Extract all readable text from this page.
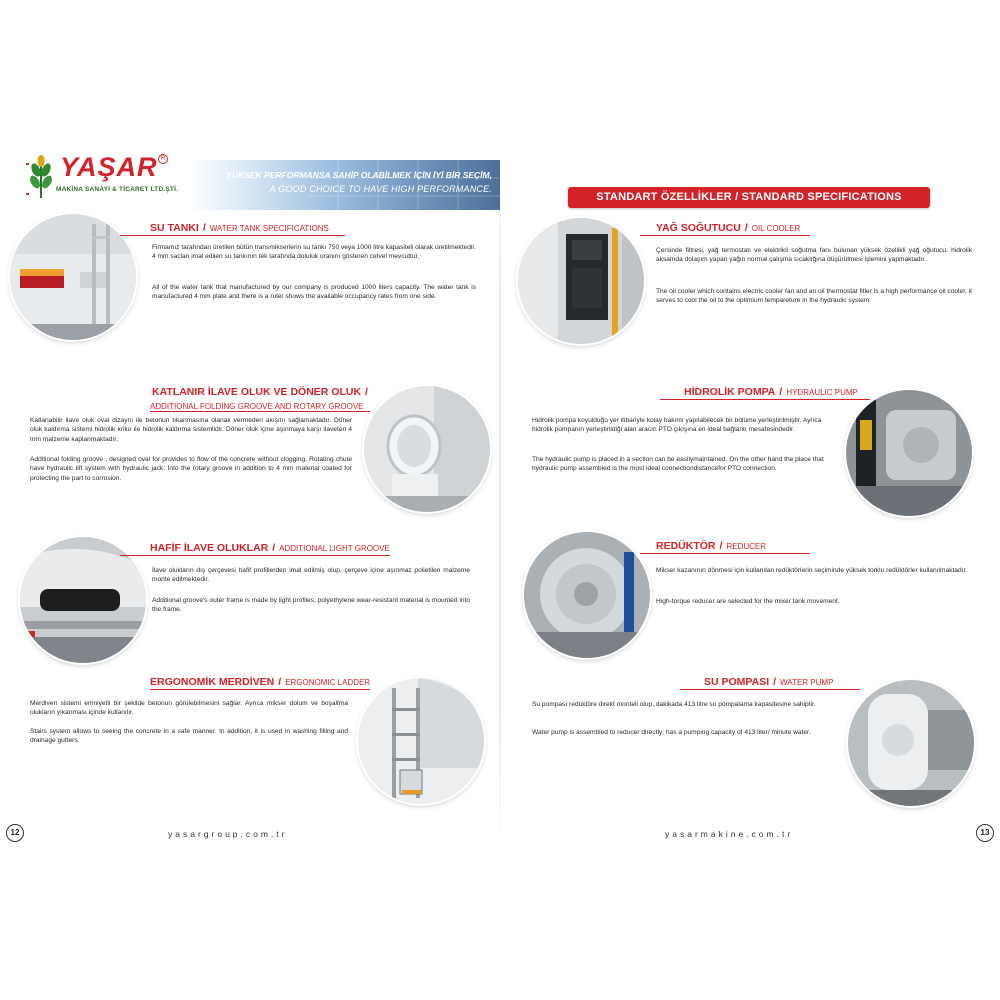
YAŞAR R
MAKİNA SANAYİ & TİCARET LTD.ŞTİ.
YÜKSEK PERFORMANSA SAHİP OLABİLMEK İÇİN İYİ BİR SEÇİM,
A GOOD CHOICE TO HAVE HIGH PERFORMANCE.
STANDART ÖZELLİKLER / STANDARD SPECIFICATIONS
SU TANKI / WATER TANK SPECIFICATIONS
Firmamız tarafından üretilen bütün transmikserlerin su tankı 750 veya 1000 litre kapasiteli olarak üretilmektedir. 4 mm saclan imal edilen su tankının tek tarafında doluluk oranını gösteren cetvel mevcuttur.
All of the water tank that manufactured by our company is produced 1000 liters capacity. The water tank is manufactured 4 mm plate and there is a ruler shows the available occupancy rates from one side.
KATLANIR İLAVE OLUK VE DÖNER OLUK /
ADDITIONAL FOLDİNG GROOVE AND ROTARY GROOVE
Katlanabilir ilave oluk oval dizaynı ile betonun tıkanmasına olanak vermeden akışını sağlamaktadır. Döner oluk kaldırma sistemi hidrolik kriko ile hidrolik kaldırma sistemlidir. Döner oluk içine aşınmaya karşı ilaveten 4 mm malzeme kaplanmaktadır.
Additional folding groove , designed oval for provides to flow of the concrete without clogging. Rotating chute have hydraulic lift system with hydraulic jack. Into the rotary groove in addition to 4 mm material coated for protecting the part to corrosion.
HAFİF İLAVE OLUKLAR / ADDITIONAL LIGHT GROOVE
İlave olukların dış çerçevesi hafif profillerden imal edilmiş olup, çerçeve içine aşınmaz polietilen malzeme monte edilmektedir.
Additional groove's outer frame is made by light profiles, polyethylene wear-resistant material is mounted into the frame.
ERGONOMİK MERDİVEN / ERGONOMIC LADDER
Merdiven sistemi emniyetli bir şekilde betonun görülebilmesini sağlar. Ayrıca mikser dolum ve boşaltma olukların yıkanması içinde kullanılır.
Stairs system allows to seeing the concrete in a safe manner. In addition, it is used in washing filling and drainage gutters.
YAĞ SOĞUTUCU / OIL COOLER
Çersinde filtresi, yağ termostatı ve elektrikli soğutma fanı bulunan yüksek özellikli yağ oğutucu, hidrolik aksamda dolaşım yapan yağın normal çalışma sıcaklığına düşürülmesi işlemini yapmaktadır.
The oil cooler which contains electric cooler fan and an oil thermostat fitler is a high performance oil cooler, it serves to cool the oil to the optimium tempareture in the hydraulic system.
HİDROLİK POMPA / HYDRAULIC PUMP
Hidrolik pompa koyulduğu yer itibariyle kolay bakımı yapılabilecek bir bölüme yerleştirilmiştir. Ayrıca hidrolik pompanın yerleştirildiği alan aracın PTO çıkışına en ideal bağlantı mesafesindedir.
The hydraulic pump is placed in a section can be easilymaintained. On the other hand the place that hydraulic pump assembled is the most ideal connectiondistancefor PTO connection.
REDÜKTÖR / REDUCER
Mikser kazanının dönmesi için kullanılan redüktörlerin seçiminde yüksek torklu redüktörler kullanılmaktadır.
High-torque reducer are selected for the mixer tank movement.
SU POMPASI / WATER PUMP
Su pompası redüktöre direkt monteli olup, dakikada 413 litre su pompalama kapasitesine sahiptir.
Water pump is assembled to reducer directly; has a pumping capacity of 413 liter/ minute water.
12	yasargroup.com.tr	yasarmakine.com.tr	13
